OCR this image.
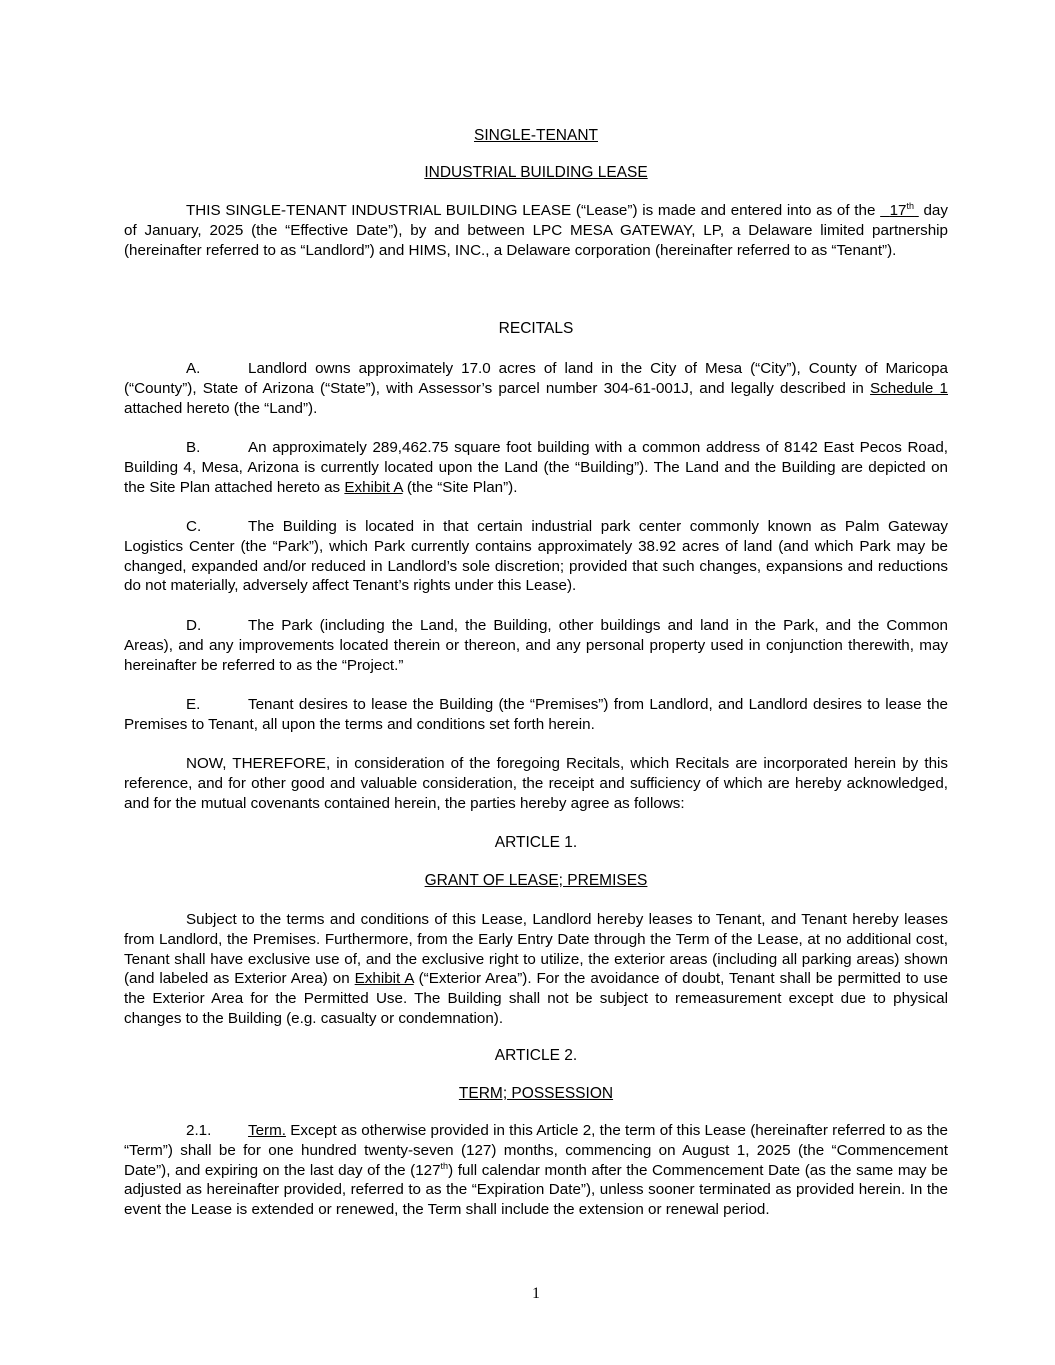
SINGLE-TENANT
INDUSTRIAL BUILDING LEASE
THIS SINGLE-TENANT INDUSTRIAL BUILDING LEASE (“Lease”) is made and entered into as of the 17th  day of January, 2025 (the “Effective Date”), by and between LPC MESA GATEWAY, LP, a Delaware limited partnership (hereinafter referred to as “Landlord”) and HIMS, INC., a Delaware corporation (hereinafter referred to as “Tenant”).
RECITALS
A.	Landlord owns approximately 17.0 acres of land in the City of Mesa (“City”), County of Maricopa (“County”), State of Arizona (“State”), with Assessor’s parcel number 304-61-001J, and legally described in Schedule 1 attached hereto (the “Land”).
B.	An approximately 289,462.75 square foot building with a common address of 8142 East Pecos Road, Building 4, Mesa, Arizona is currently located upon the Land (the “Building”). The Land and the Building are depicted on the Site Plan attached hereto as Exhibit A (the “Site Plan”).
C.	The Building is located in that certain industrial park center commonly known as Palm Gateway Logistics Center (the “Park”), which Park currently contains approximately 38.92 acres of land (and which Park may be changed, expanded and/or reduced in Landlord’s sole discretion; provided that such changes, expansions and reductions do not materially, adversely affect Tenant’s rights under this Lease).
D.	The Park (including the Land, the Building, other buildings and land in the Park, and the Common Areas), and any improvements located therein or thereon, and any personal property used in conjunction therewith, may hereinafter be referred to as the “Project.”
E.	Tenant desires to lease the Building (the “Premises”) from Landlord, and Landlord desires to lease the Premises to Tenant, all upon the terms and conditions set forth herein.
NOW, THEREFORE, in consideration of the foregoing Recitals, which Recitals are incorporated herein by this reference, and for other good and valuable consideration, the receipt and sufficiency of which are hereby acknowledged, and for the mutual covenants contained herein, the parties hereby agree as follows:
ARTICLE 1.
GRANT OF LEASE; PREMISES
Subject to the terms and conditions of this Lease, Landlord hereby leases to Tenant, and Tenant hereby leases from Landlord, the Premises. Furthermore, from the Early Entry Date through the Term of the Lease, at no additional cost, Tenant shall have exclusive use of, and the exclusive right to utilize, the exterior areas (including all parking areas) shown (and labeled as Exterior Area) on Exhibit A (“Exterior Area”). For the avoidance of doubt, Tenant shall be permitted to use the Exterior Area for the Permitted Use. The Building shall not be subject to remeasurement except due to physical changes to the Building (e.g. casualty or condemnation).
ARTICLE 2.
TERM; POSSESSION
2.1. Term. Except as otherwise provided in this Article 2, the term of this Lease (hereinafter referred to as the “Term”) shall be for one hundred twenty-seven (127) months, commencing on August 1, 2025 (the “Commencement Date”), and expiring on the last day of the (127th) full calendar month after the Commencement Date (as the same may be adjusted as hereinafter provided, referred to as the “Expiration Date”), unless sooner terminated as provided herein. In the event the Lease is extended or renewed, the Term shall include the extension or renewal period.
1
